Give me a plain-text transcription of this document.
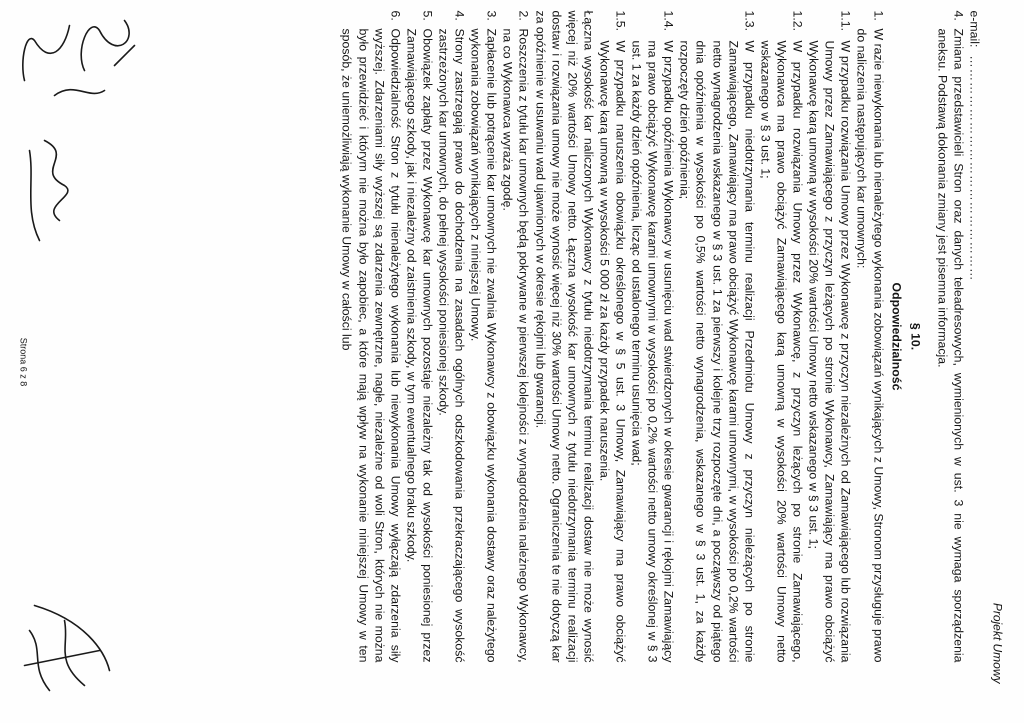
Projekt Umowy
e-mail:……………………………………………
4.
Zmiana przedstawicieli Stron oraz danych teleadresowych, wymienionych w ust. 3 nie wymaga sporządzenia aneksu. Podstawą dokonania zmiany jest pisemna informacja.
§ 10.
Odpowiedzialność
1.
W razie niewykonania lub nienależytego wykonania zobowiązań wynikających z Umowy, Stronom przysługuje prawo do naliczenia następujących kar umownych:
1.1.
W przypadku rozwiązania Umowy przez Wykonawcę z przyczyn niezależnych od Zamawiającego lub rozwiązania Umowy przez Zamawiającego z przyczyn leżących po stronie Wykonawcy, Zamawiający ma prawo obciążyć Wykonawcę karą umowną w wysokości 20% wartości Umowy netto wskazanego w § 3 ust. 1;
1.2.
W przypadku rozwiązania Umowy przez Wykonawcę, z przyczyn leżących po stronie Zamawiającego, Wykonawca ma prawo obciążyć Zamawiającego karą umowną w wysokości 20% wartości Umowy netto wskazanego w § 3 ust. 1;
1.3.
W przypadku niedotrzymania terminu realizacji Przedmiotu Umowy z przyczyn nieleżących po stronie Zamawiającego, Zamawiający ma prawo obciążyć Wykonawcę karami umownymi, w wysokości po 0,2% wartości netto wynagrodzenia wskazanego w § 3 ust. 1 za pierwszy i kolejne trzy rozpoczęte dni, a począwszy od piątego dnia opóźnienia w wysokości po 0,5% wartości netto wynagrodzenia, wskazanego w § 3 ust. 1, za każdy rozpoczęty dzień opóźnienia;
1.4.
W przypadku opóźnienia Wykonawcy w usunięciu wad stwierdzonych w okresie gwarancji i rękojmi Zamawiający ma prawo obciążyć Wykonawcę karami umownymi w wysokości po 0,2% wartości netto umowy określonej w § 3 ust. 1 za każdy dzień opóźnienia, licząc od ustalonego terminu usunięcia wad;
1.5.
W przypadku naruszenia obowiązku określonego w § 5 ust. 3 Umowy, Zamawiający ma prawo obciążyć Wykonawcę karą umowną w wysokości 5 000 zł za każdy przypadek naruszenia.
Łączna wysokość kar naliczonych Wykonawcy z tytułu niedotrzymania terminu realizacji dostaw nie może wynosić więcej niż 20% wartości Umowy netto. Łączna wysokość kar umownych z tytułu niedotrzymania terminu realizacji dostaw i rozwiązania umowy nie może wynosić więcej niż 30% wartości Umowy netto. Ograniczenia te nie dotyczą kar za opóźnienie w usuwaniu wad ujawnionych w okresie rękojmi lub gwarancji.
2.
Roszczenia z tytułu kar umownych będą pokrywane w pierwszej kolejności z wynagrodzenia należnego Wykonawcy, na co Wykonawca wyraża zgodę.
3.
Zapłacenie lub potrącenie kar umownych nie zwalnia Wykonawcy z obowiązku wykonania dostawy oraz należytego wykonania zobowiązań wynikających z niniejszej Umowy.
4.
Strony zastrzegają prawo do dochodzenia na zasadach ogólnych odszkodowania przekraczającego wysokość zastrzeżonych kar umownych, do pełnej wysokości poniesionej szkody.
5.
Obowiązek zapłaty przez Wykonawcę kar umownych pozostaje niezależny tak od wysokości poniesionej przez Zamawiającego szkody, jak i niezależny od zaistnienia szkody, w tym ewentualnego braku szkody.
6.
Odpowiedzialność Stron z tytułu nienależytego wykonania lub niewykonania Umowy wyłączają zdarzenia siły wyższej. Zdarzeniami siły wyższej są zdarzenia zewnętrzne, nagłe, niezależne od woli Stron, których nie można było przewidzieć i którym nie można było zapobiec, a które mają wpływ na wykonanie niniejszej Umowy w ten sposób, że uniemożliwiają wykonanie Umowy w całości lub
Strona 6 z 8
